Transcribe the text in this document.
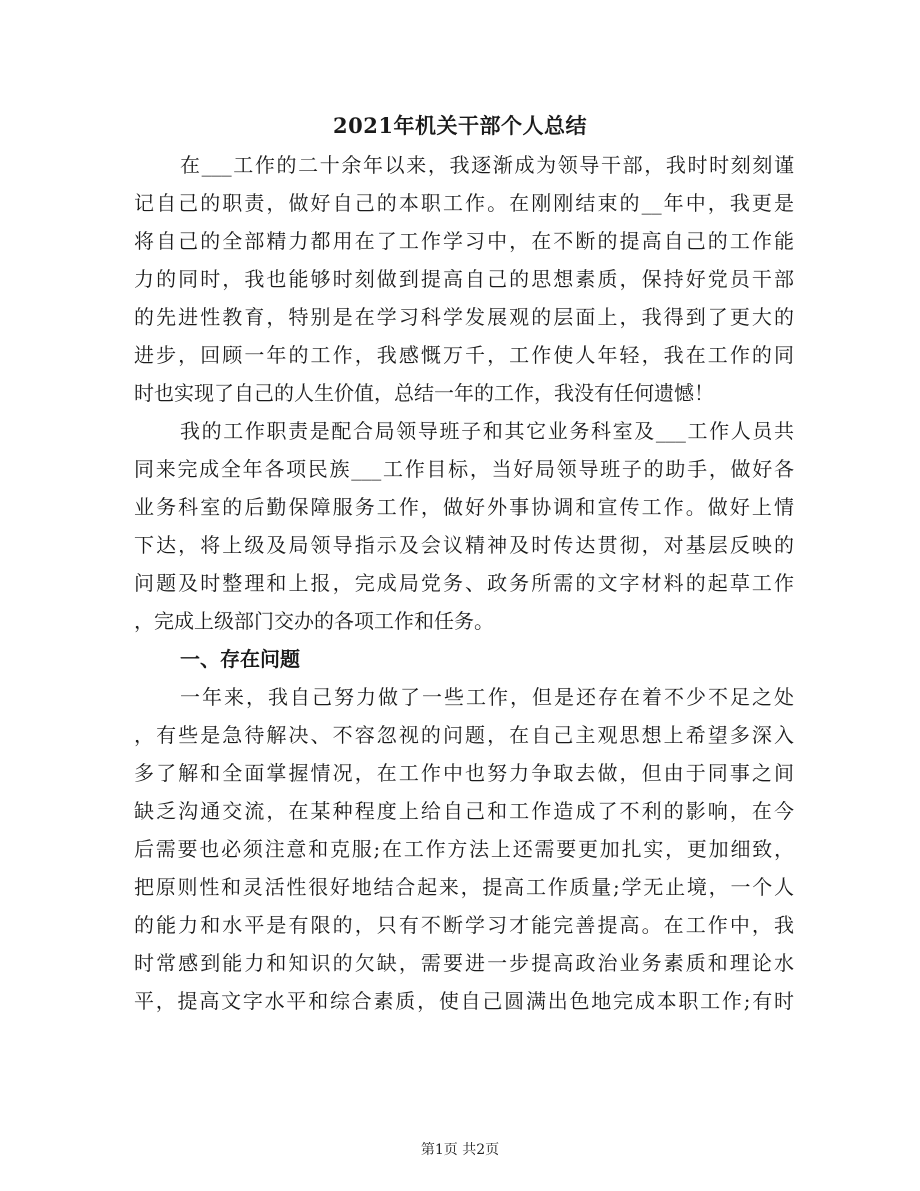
2021年机关干部个人总结
在___工作的二十余年以来，我逐渐成为领导干部，我时时刻刻谨
记自己的职责，做好自己的本职工作。在刚刚结束的__年中，我更是
将自己的全部精力都用在了工作学习中，在不断的提高自己的工作能
力的同时，我也能够时刻做到提高自己的思想素质，保持好党员干部
的先进性教育，特别是在学习科学发展观的层面上，我得到了更大的
进步，回顾一年的工作，我感慨万千，工作使人年轻，我在工作的同
时也实现了自己的人生价值，总结一年的工作，我没有任何遗憾！
我的工作职责是配合局领导班子和其它业务科室及___工作人员共
同来完成全年各项民族___工作目标，当好局领导班子的助手，做好各
业务科室的后勤保障服务工作，做好外事协调和宣传工作。做好上情
下达，将上级及局领导指示及会议精神及时传达贯彻，对基层反映的
问题及时整理和上报，完成局党务、政务所需的文字材料的起草工作
，完成上级部门交办的各项工作和任务。
一、存在问题
一年来，我自己努力做了一些工作，但是还存在着不少不足之处
，有些是急待解决、不容忽视的问题，在自己主观思想上希望多深入
多了解和全面掌握情况，在工作中也努力争取去做，但由于同事之间
缺乏沟通交流，在某种程度上给自己和工作造成了不利的影响，在今
后需要也必须注意和克服;在工作方法上还需要更加扎实，更加细致，
把原则性和灵活性很好地结合起来，提高工作质量;学无止境，一个人
的能力和水平是有限的，只有不断学习才能完善提高。在工作中，我
时常感到能力和知识的欠缺，需要进一步提高政治业务素质和理论水
平，提高文字水平和综合素质，使自己圆满出色地完成本职工作;有时
第1页 共2页
